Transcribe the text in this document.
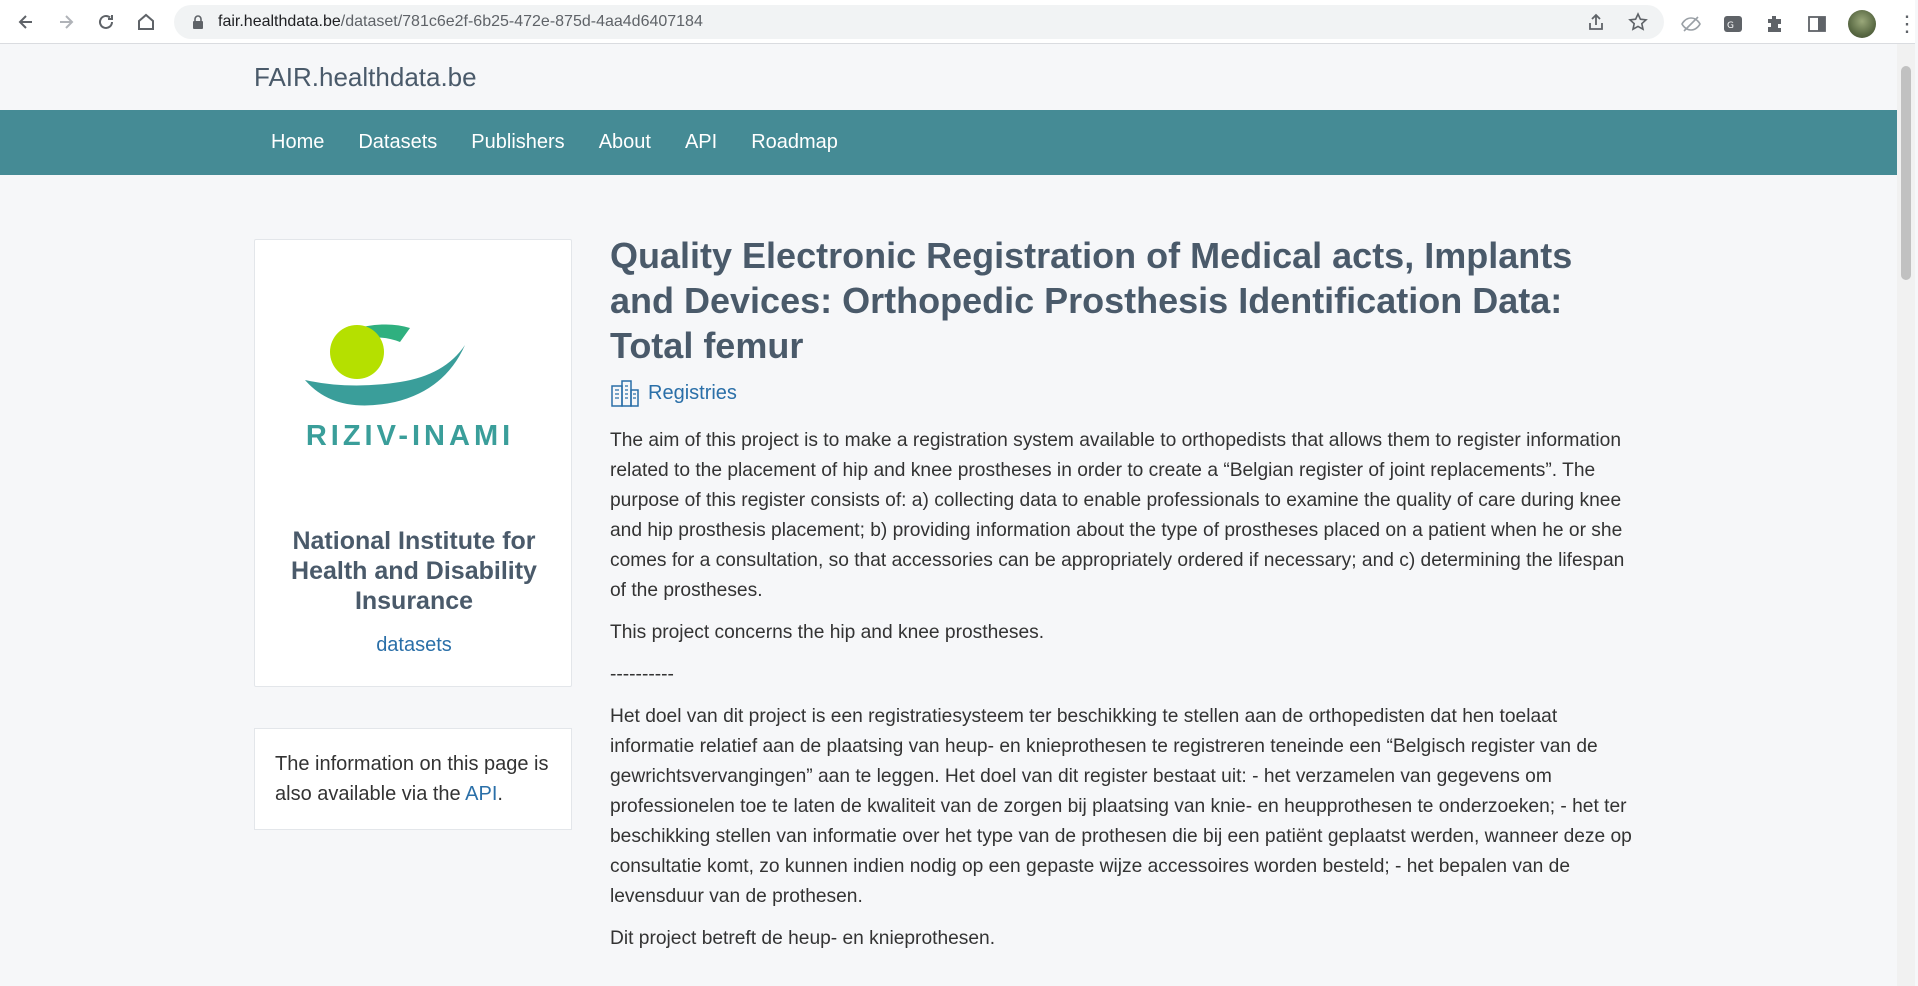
fair.healthdata.be /dataset/781c6e2f-6b25-472e-875d-4aa4d6407184	G	⋮
FAIR.healthdata.be
Home	Datasets	Publishers	About	API	Roadmap
RIZIV-INAMI
National Institute for Health and Disability Insurance
datasets
The information on this page is also available via the API.
Quality Electronic Registration of Medical acts, Implants and Devices: Orthopedic Prosthesis Identification Data: Total femur
Registries

The aim of this project is to make a registration system available to orthopedists that allows them to register information related to the placement of hip and knee prostheses in order to create a “Belgian register of joint replacements”. The purpose of this register consists of: a) collecting data to enable professionals to examine the quality of care during knee and hip prosthesis placement; b) providing information about the type of prostheses placed on a patient when he or she comes for a consultation, so that accessories can be appropriately ordered if necessary; and c) determining the lifespan of the prostheses.

This project concerns the hip and knee prostheses.

----------

Het doel van dit project is een registratiesysteem ter beschikking te stellen aan de orthopedisten dat hen toelaat informatie relatief aan de plaatsing van heup- en knieprothesen te registreren teneinde een “Belgisch register van de gewrichtsvervangingen” aan te leggen. Het doel van dit register bestaat uit: - het verzamelen van gegevens om professionelen toe te laten de kwaliteit van de zorgen bij plaatsing van knie- en heupprothesen te onderzoeken; - het ter beschikking stellen van informatie over het type van de prothesen die bij een patiënt geplaatst werden, wanneer deze op consultatie komt, zo kunnen indien nodig op een gepaste wijze accessoires worden besteld; - het bepalen van de levensduur van de prothesen.

Dit project betreft de heup- en knieprothesen.
